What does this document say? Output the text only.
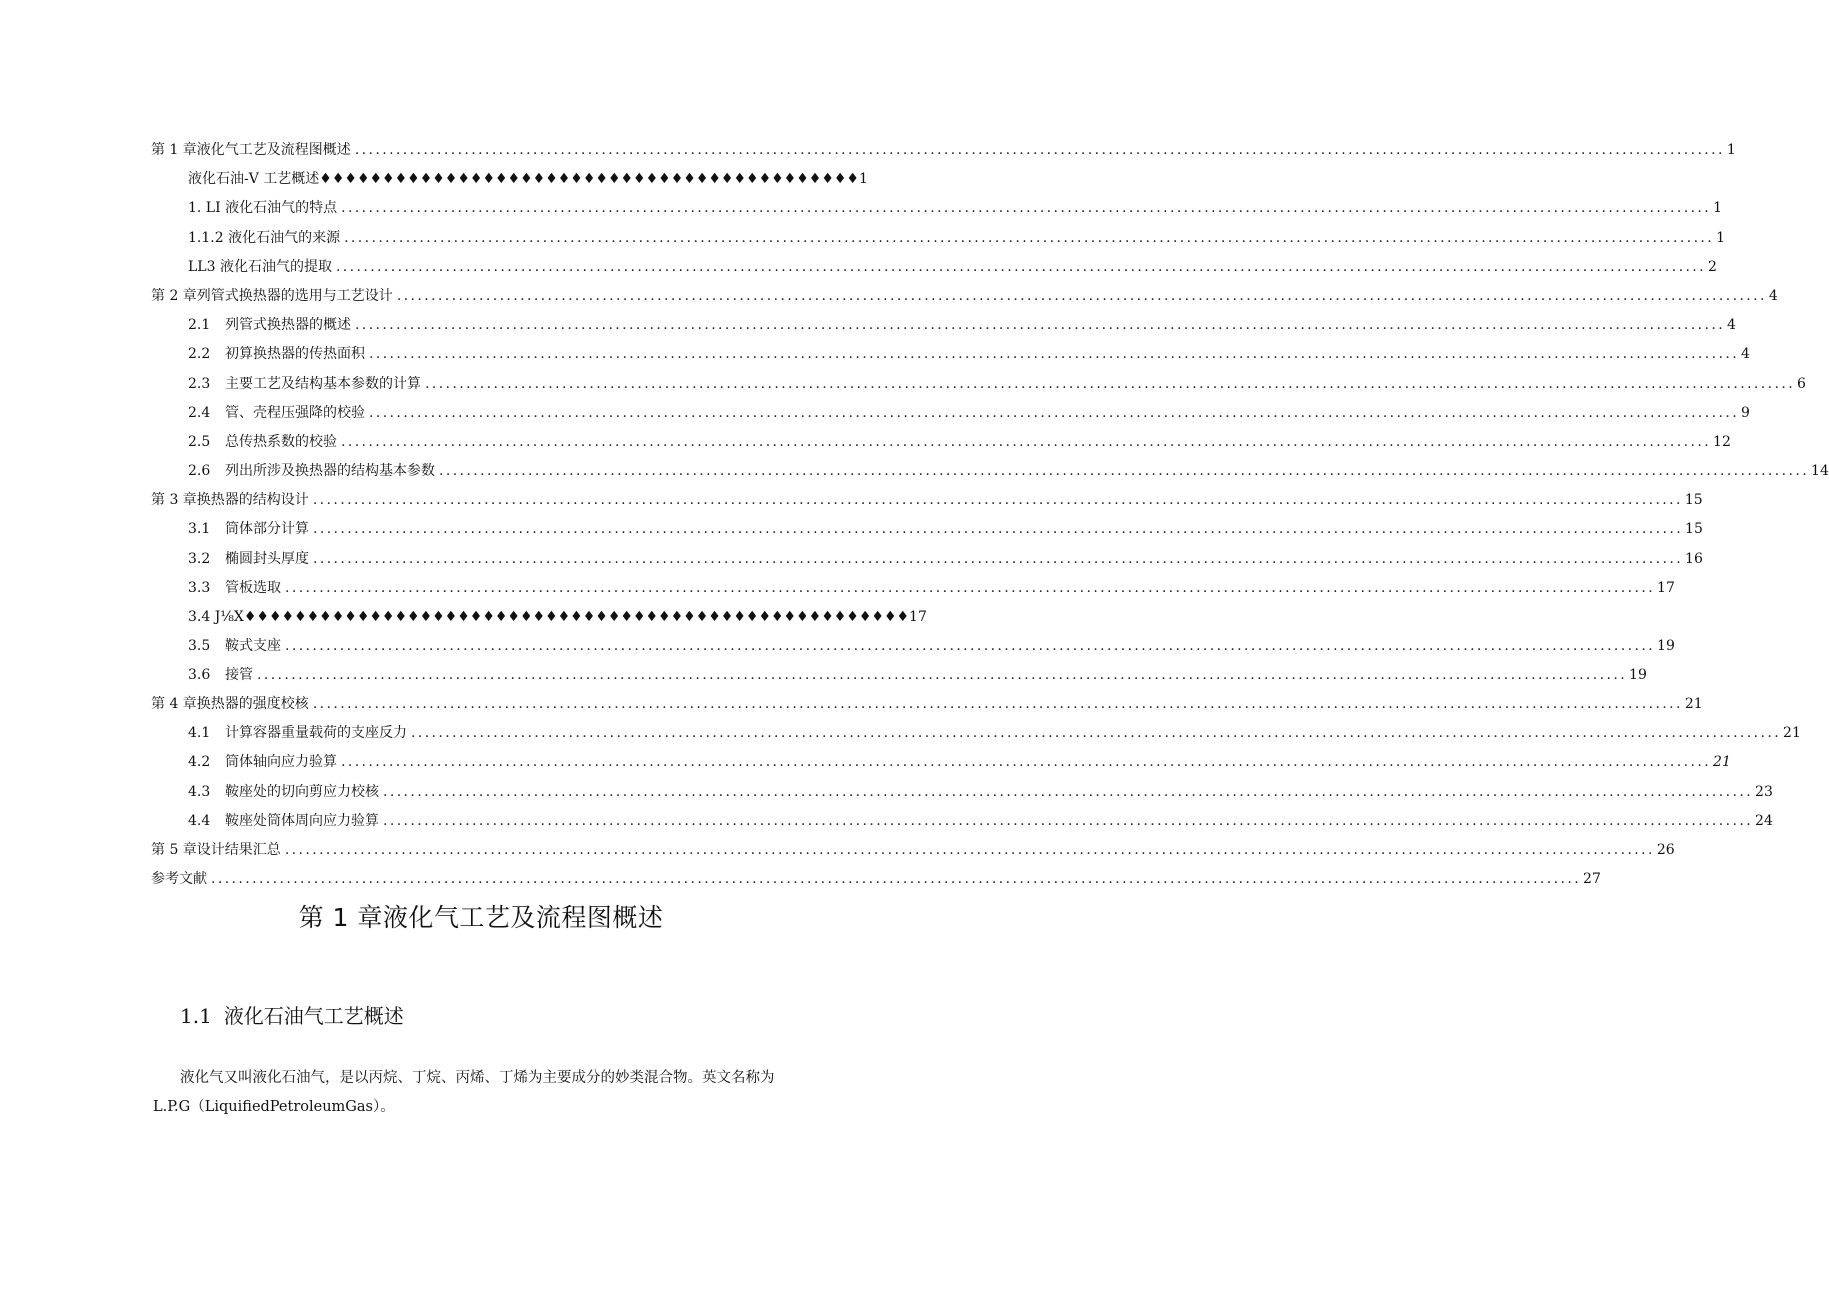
第 1 章液化气工艺及流程图概述 ........................................................................................................................................................................................................ 1
液化石油-V 工艺概述♦♦♦♦♦♦♦♦♦♦♦♦♦♦♦♦♦♦♦♦♦♦♦♦♦♦♦♦♦♦♦♦♦♦♦♦♦♦♦♦♦♦♦1
1. LI 液化石油气的特点 ........................................................................................................................................................................................................ 1
1.1.2 液化石油气的来源 ........................................................................................................................................................................................................ 1
LL3 液化石油气的提取 ........................................................................................................................................................................................................ 2
第 2 章列管式换热器的选用与工艺设计 ........................................................................................................................................................................................................ 4
2.1	列管式换热器的概述 ........................................................................................................................................................................................................ 4
2.2	初算换热器的传热面积 ........................................................................................................................................................................................................ 4
2.3	主要工艺及结构基本参数的计算 ........................................................................................................................................................................................................ 6
2.4	管、壳程压强降的校验 ........................................................................................................................................................................................................ 9
2.5	总传热系数的校验 ........................................................................................................................................................................................................ 12
2.6	列出所涉及换热器的结构基本参数 ........................................................................................................................................................................................................ 14
第 3 章换热器的结构设计 ........................................................................................................................................................................................................ 15
3.1	筒体部分计算 ........................................................................................................................................................................................................ 15
3.2	椭圆封头厚度 ........................................................................................................................................................................................................ 16
3.3	管板选取 ........................................................................................................................................................................................................ 17
3.4 J⅛X♦♦♦♦♦♦♦♦♦♦♦♦♦♦♦♦♦♦♦♦♦♦♦♦♦♦♦♦♦♦♦♦♦♦♦♦♦♦♦♦♦♦♦♦♦♦♦♦♦♦♦♦♦17
3.5	鞍式支座 ........................................................................................................................................................................................................ 19
3.6	接管 ........................................................................................................................................................................................................ 19
第 4 章换热器的强度校核 ........................................................................................................................................................................................................ 21
4.1	计算容器重量载荷的支座反力 ........................................................................................................................................................................................................ 21
4.2	筒体轴向应力验算 ........................................................................................................................................................................................................ 21
4.3	鞍座处的切向剪应力校核 ........................................................................................................................................................................................................ 23
4.4	鞍座处筒体周向应力验算 ........................................................................................................................................................................................................ 24
第 5 章设计结果汇总 ........................................................................................................................................................................................................ 26
参考文献 ........................................................................................................................................................................................................ 27
第 1 章液化气工艺及流程图概述
1.1 液化石油气工艺概述
液化气又叫液化石油气，是以丙烷、丁烷、丙烯、丁烯为主要成分的妙类混合物。英文名称为
L.P.G（LiquifiedPetroleumGas）。
